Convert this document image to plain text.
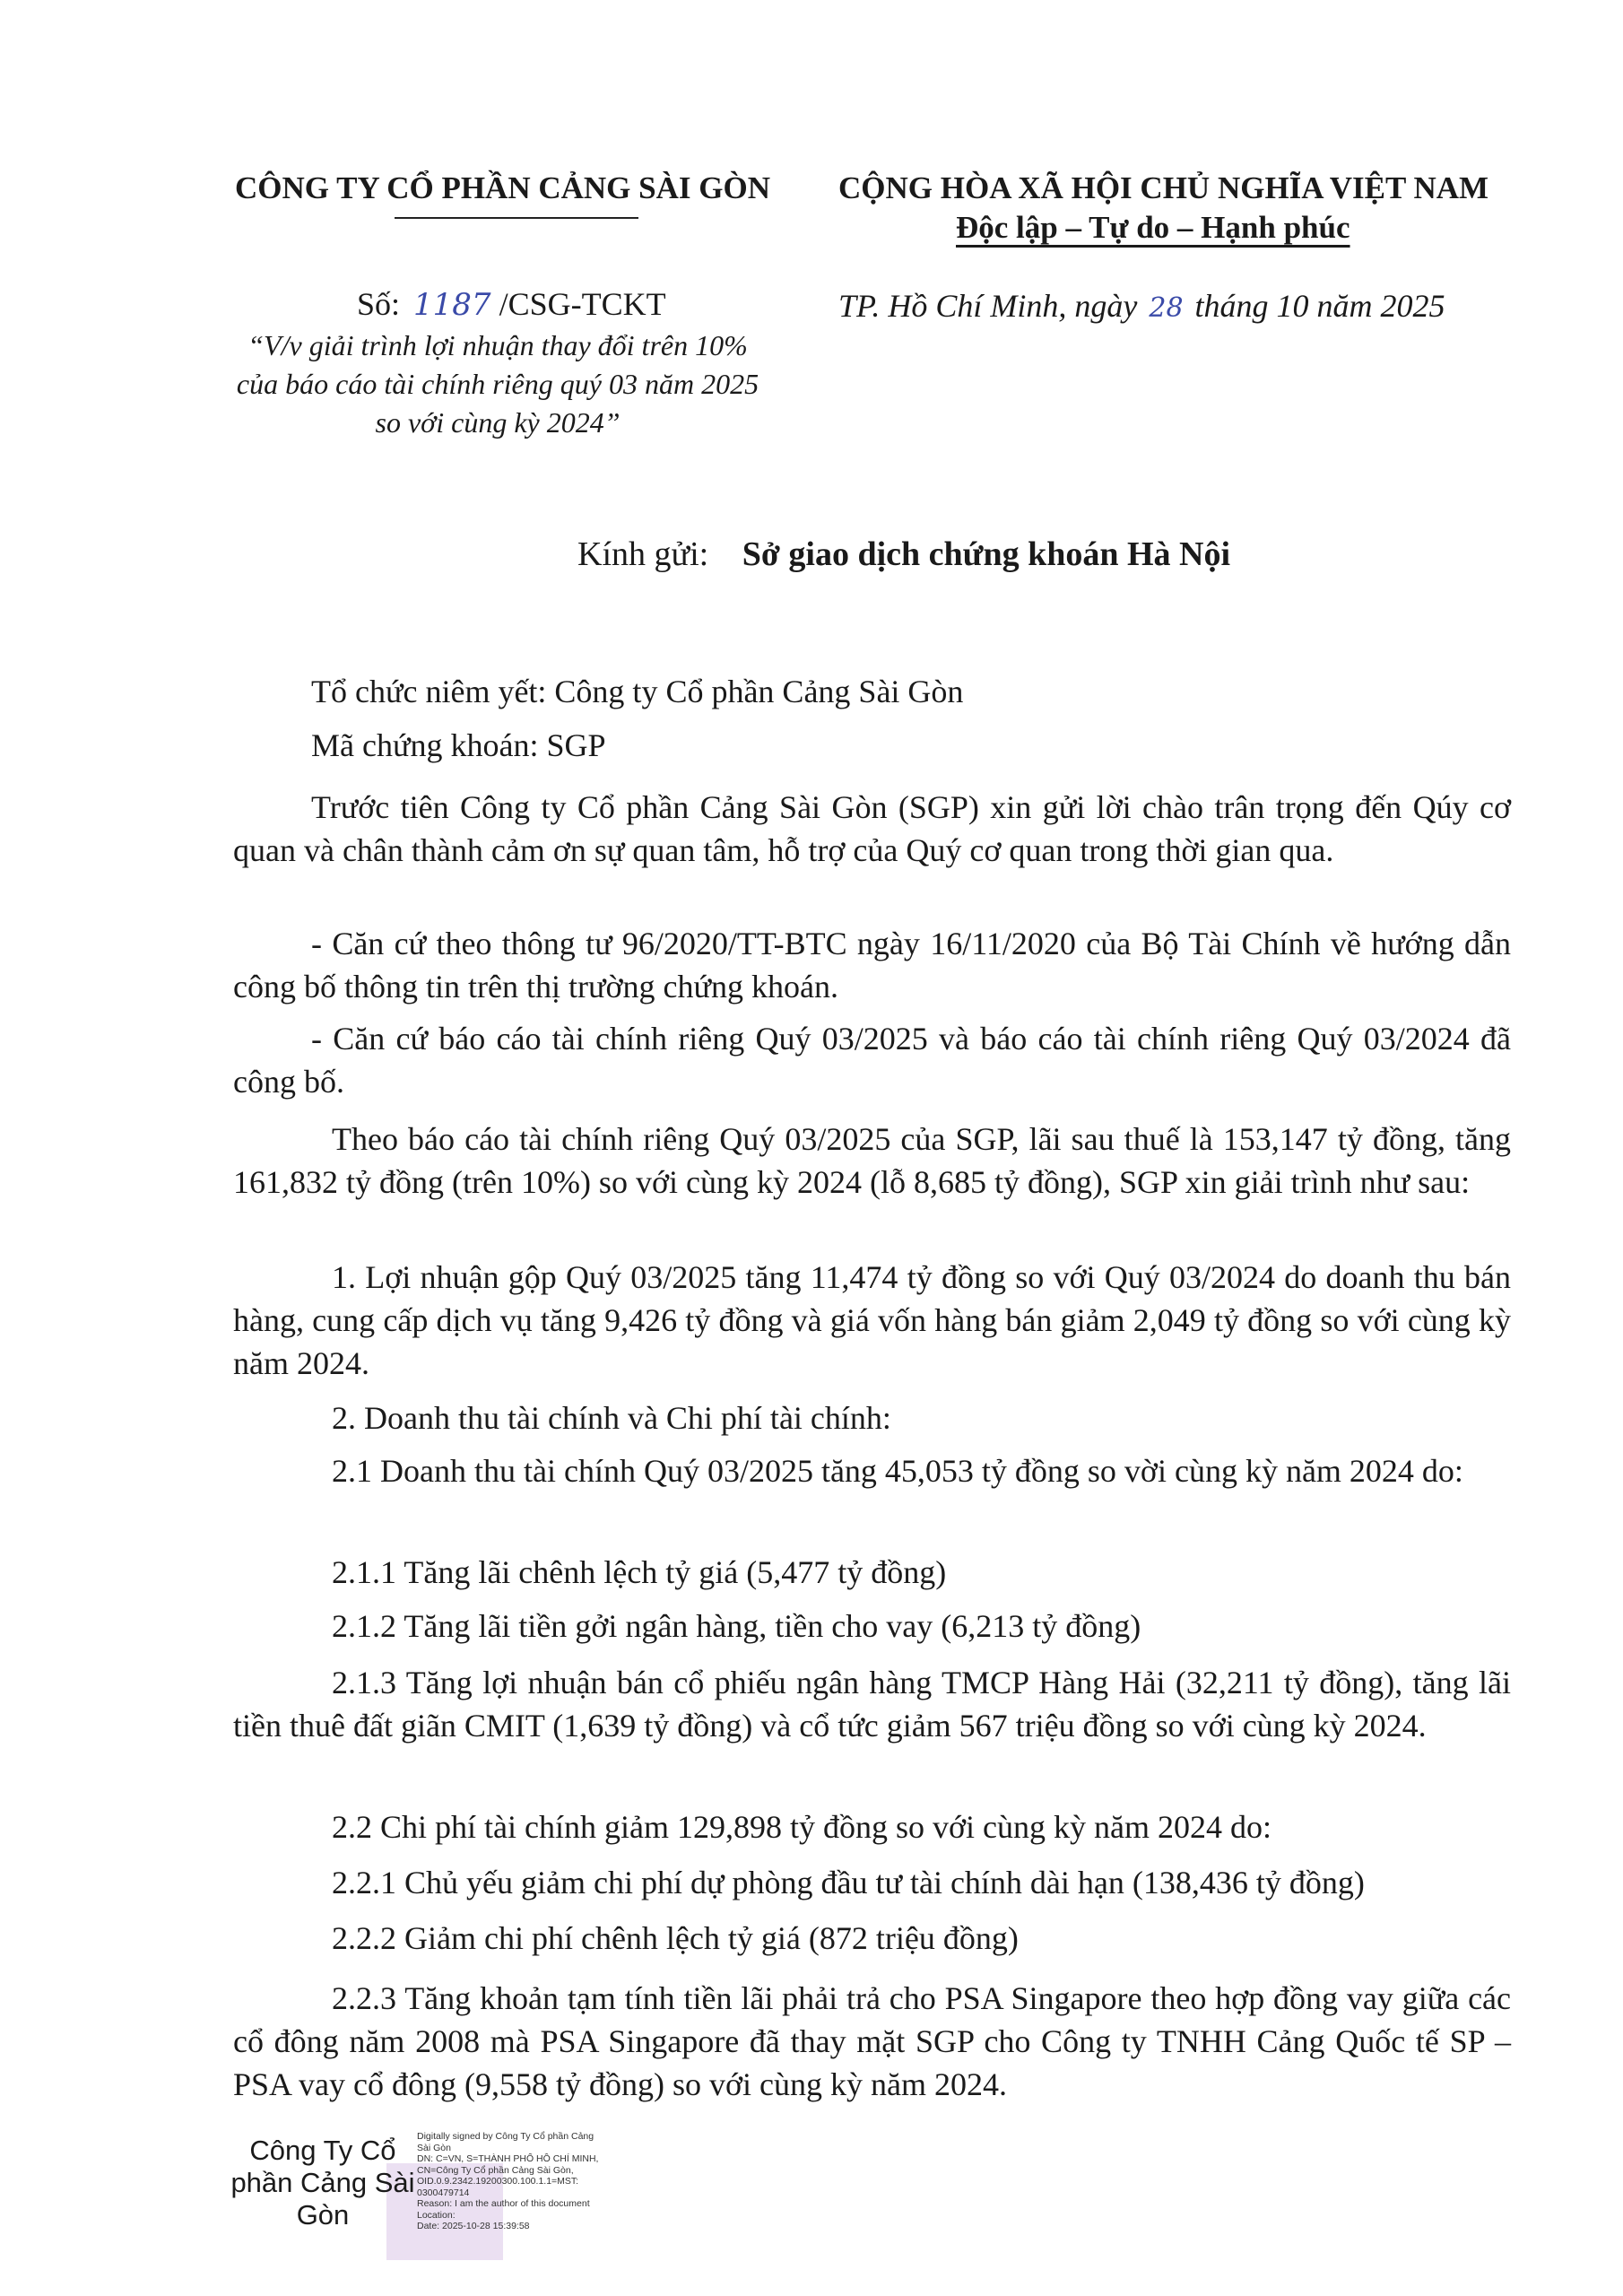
CÔNG TY CỔ PHẦN CẢNG SÀI GÒN CỘNG HÒA XÃ HỘI CHỦ NGHĨA VIỆT NAM
Độc lập – Tự do – Hạnh phúc
Số: 1187 /CSG-TCKT
“V/v giải trình lợi nhuận thay đổi trên 10%
của báo cáo tài chính riêng quý 03 năm 2025
so với cùng kỳ 2024”
TP. Hồ Chí Minh, ngày 28 tháng 10 năm 2025
Kính gửi: Sở giao dịch chứng khoán Hà Nội
Tổ chức niêm yết: Công ty Cổ phần Cảng Sài Gòn
Mã chứng khoán: SGP

Trước tiên Công ty Cổ phần Cảng Sài Gòn (SGP) xin gửi lời chào trân trọng đến Qúy cơ quan và chân thành cảm ơn sự quan tâm, hỗ trợ của Quý cơ quan trong thời gian qua.

- Căn cứ theo thông tư 96/2020/TT-BTC ngày 16/11/2020 của Bộ Tài Chính về hướng dẫn công bố thông tin trên thị trường chứng khoán.

- Căn cứ báo cáo tài chính riêng Quý 03/2025 và báo cáo tài chính riêng Quý 03/2024 đã công bố.

Theo báo cáo tài chính riêng Quý 03/2025 của SGP, lãi sau thuế là 153,147 tỷ đồng, tăng 161,832 tỷ đồng (trên 10%) so với cùng kỳ 2024 (lỗ 8,685 tỷ đồng), SGP xin giải trình như sau:

1. Lợi nhuận gộp Quý 03/2025 tăng 11,474 tỷ đồng so với Quý 03/2024 do doanh thu bán hàng, cung cấp dịch vụ tăng 9,426 tỷ đồng và giá vốn hàng bán giảm 2,049 tỷ đồng so với cùng kỳ năm 2024.

2. Doanh thu tài chính và Chi phí tài chính:

2.1 Doanh thu tài chính Quý 03/2025 tăng 45,053 tỷ đồng so vời cùng kỳ năm 2024 do:

2.1.1 Tăng lãi chênh lệch tỷ giá (5,477 tỷ đồng)
2.1.2 Tăng lãi tiền gởi ngân hàng, tiền cho vay (6,213 tỷ đồng)

2.1.3 Tăng lợi nhuận bán cổ phiếu ngân hàng TMCP Hàng Hải (32,211 tỷ đồng), tăng lãi tiền thuê đất giãn CMIT (1,639 tỷ đồng) và cổ tức giảm 567 triệu đồng so với cùng kỳ 2024.

2.2 Chi phí tài chính giảm 129,898 tỷ đồng so với cùng kỳ năm 2024 do:
2.2.1 Chủ yếu giảm chi phí dự phòng đầu tư tài chính dài hạn (138,436 tỷ đồng)
2.2.2 Giảm chi phí chênh lệch tỷ giá (872 triệu đồng)

2.2.3 Tăng khoản tạm tính tiền lãi phải trả cho PSA Singapore theo hợp đồng vay giữa các cổ đông năm 2008 mà PSA Singapore đã thay mặt SGP cho Công ty TNHH Cảng Quốc tế SP – PSA vay cổ đông (9,558 tỷ đồng) so với cùng kỳ năm 2024.

Công Ty Cổ phần Cảng Sài Gòn
Digitally signed by Công Ty Cổ phần Cảng
Sài Gòn
DN: C=VN, S=THÀNH PHỐ HỒ CHÍ MINH,
CN=Công Ty Cổ phần Cảng Sài Gòn,
OID.0.9.2342.19200300.100.1.1=MST:
0300479714
Reason: I am the author of this document
Location:
Date: 2025-10-28 15:39:58
